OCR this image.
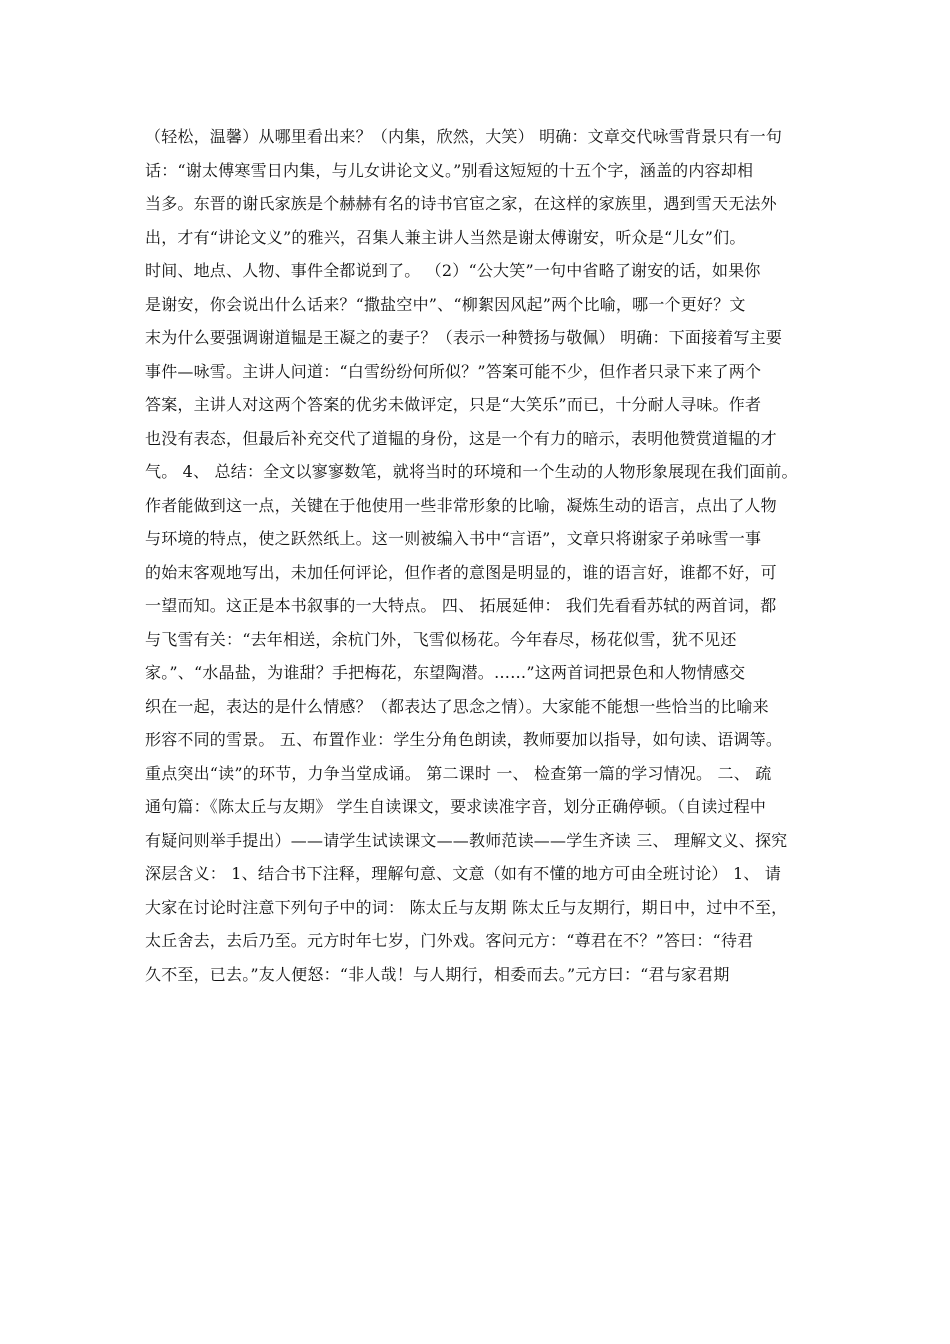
（轻松，温馨）从哪里看出来？（内集，欣然，大笑） 明确：文章交代咏雪背景只有一句
话：“谢太傅寒雪日内集，与儿女讲论文义。”别看这短短的十五个字，涵盖的内容却相
当多。东晋的谢氏家族是个赫赫有名的诗书官宦之家，在这样的家族里，遇到雪天无法外
出，才有“讲论文义”的雅兴，召集人兼主讲人当然是谢太傅谢安，听众是“儿女”们。
时间、地点、人物、事件全都说到了。 （2）“公大笑”一句中省略了谢安的话，如果你
是谢安，你会说出什么话来？“撒盐空中”、“柳絮因风起”两个比喻，哪一个更好？文
末为什么要强调谢道韫是王凝之的妻子？（表示一种赞扬与敬佩） 明确：下面接着写主要
事件—咏雪。主讲人问道：“白雪纷纷何所似？”答案可能不少，但作者只录下来了两个
答案，主讲人对这两个答案的优劣未做评定，只是“大笑乐”而已，十分耐人寻味。作者
也没有表态，但最后补充交代了道韫的身份，这是一个有力的暗示，表明他赞赏道韫的才
气。 4、 总结：全文以寥寥数笔，就将当时的环境和一个生动的人物形象展现在我们面前。
作者能做到这一点，关键在于他使用一些非常形象的比喻，凝炼生动的语言，点出了人物
与环境的特点，使之跃然纸上。这一则被编入书中“言语”，文章只将谢家子弟咏雪一事
的始末客观地写出，未加任何评论，但作者的意图是明显的，谁的语言好，谁都不好，可
一望而知。这正是本书叙事的一大特点。 四、 拓展延伸： 我们先看看苏轼的两首词，都
与飞雪有关：“去年相送，余杭门外，飞雪似杨花。今年春尽，杨花似雪，犹不见还
家。”、“水晶盐，为谁甜？手把梅花，东望陶潜。……”这两首词把景色和人物情感交
织在一起，表达的是什么情感？（都表达了思念之情）。大家能不能想一些恰当的比喻来
形容不同的雪景。 五、布置作业：学生分角色朗读，教师要加以指导，如句读、语调等。
重点突出“读”的环节，力争当堂成诵。 第二课时 一、 检查第一篇的学习情况。 二、 疏
通句篇：《陈太丘与友期》 学生自读课文，要求读准字音，划分正确停顿。（自读过程中
有疑问则举手提出）——请学生试读课文——教师范读——学生齐读 三、 理解文义、探究
深层含义： 1、结合书下注释，理解句意、文意（如有不懂的地方可由全班讨论） 1、 请
大家在讨论时注意下列句子中的词： 陈太丘与友期 陈太丘与友期行，期日中，过中不至，
太丘舍去，去后乃至。元方时年七岁，门外戏。客问元方：“尊君在不？”答曰：“待君
久不至，已去。”友人便怒：“非人哉！与人期行，相委而去。”元方曰：“君与家君期
